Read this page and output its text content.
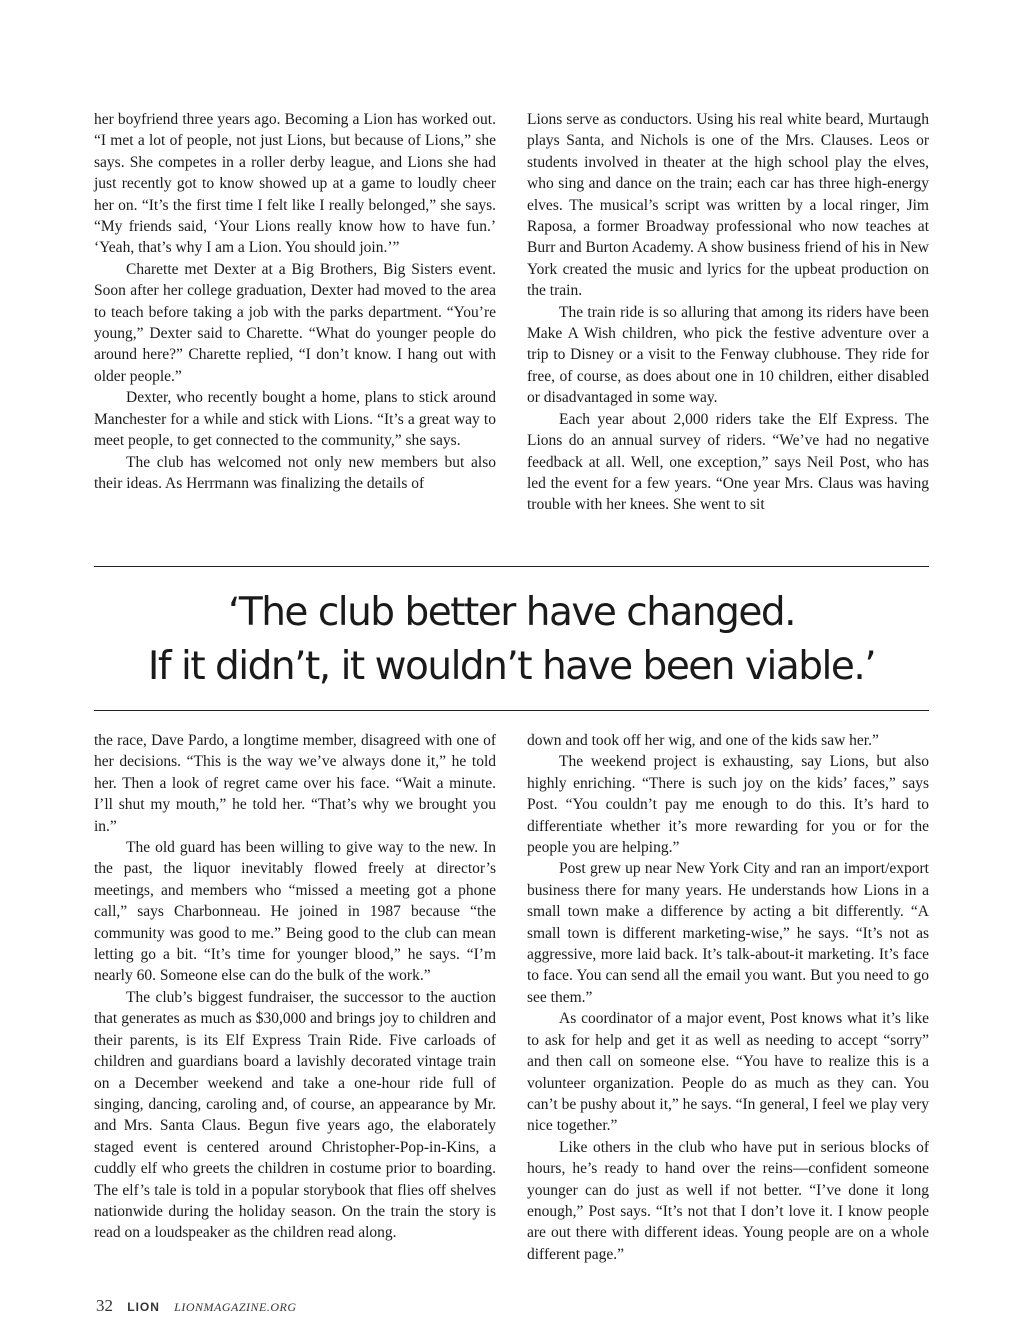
her boyfriend three years ago. Becoming a Lion has worked out. “I met a lot of people, not just Lions, but because of Lions,” she says. She competes in a roller derby league, and Lions she had just recently got to know showed up at a game to loudly cheer her on. “It’s the first time I felt like I really belonged,” she says. “My friends said, ‘Your Lions really know how to have fun.’ ‘Yeah, that’s why I am a Lion. You should join.’”

Charette met Dexter at a Big Brothers, Big Sisters event. Soon after her college graduation, Dexter had moved to the area to teach before taking a job with the parks department. “You’re young,” Dexter said to Charette. “What do younger people do around here?” Charette replied, “I don’t know. I hang out with older people.”

Dexter, who recently bought a home, plans to stick around Manchester for a while and stick with Lions. “It’s a great way to meet people, to get connected to the community,” she says.

The club has welcomed not only new members but also their ideas. As Herrmann was finalizing the details of

Lions serve as conductors. Using his real white beard, Murtaugh plays Santa, and Nichols is one of the Mrs. Clauses. Leos or students involved in theater at the high school play the elves, who sing and dance on the train; each car has three high-energy elves. The musical’s script was written by a local ringer, Jim Raposa, a former Broadway professional who now teaches at Burr and Burton Academy. A show business friend of his in New York created the music and lyrics for the upbeat production on the train.

The train ride is so alluring that among its riders have been Make A Wish children, who pick the festive adventure over a trip to Disney or a visit to the Fenway clubhouse. They ride for free, of course, as does about one in 10 children, either disabled or disadvantaged in some way.

Each year about 2,000 riders take the Elf Express. The Lions do an annual survey of riders. “We’ve had no negative feedback at all. Well, one exception,” says Neil Post, who has led the event for a few years. “One year Mrs. Claus was having trouble with her knees. She went to sit

‘The club better have changed.
If it didn’t, it wouldn’t have been viable.’

the race, Dave Pardo, a longtime member, disagreed with one of her decisions. “This is the way we’ve always done it,” he told her. Then a look of regret came over his face. “Wait a minute. I’ll shut my mouth,” he told her. “That’s why we brought you in.”

The old guard has been willing to give way to the new. In the past, the liquor inevitably flowed freely at director’s meetings, and members who “missed a meeting got a phone call,” says Charbonneau. He joined in 1987 because “the community was good to me.” Being good to the club can mean letting go a bit. “It’s time for younger blood,” he says. “I’m nearly 60. Someone else can do the bulk of the work.”

The club’s biggest fundraiser, the successor to the auction that generates as much as $30,000 and brings joy to children and their parents, is its Elf Express Train Ride. Five carloads of children and guardians board a lavishly decorated vintage train on a December weekend and take a one-hour ride full of singing, dancing, caroling and, of course, an appearance by Mr. and Mrs. Santa Claus. Begun five years ago, the elaborately staged event is centered around Christopher-Pop-in-Kins, a cuddly elf who greets the children in costume prior to boarding. The elf’s tale is told in a popular storybook that flies off shelves nationwide during the holiday season. On the train the story is read on a loudspeaker as the children read along.

down and took off her wig, and one of the kids saw her.”

The weekend project is exhausting, say Lions, but also highly enriching. “There is such joy on the kids’ faces,” says Post. “You couldn’t pay me enough to do this. It’s hard to differentiate whether it’s more rewarding for you or for the people you are helping.”

Post grew up near New York City and ran an import/export business there for many years. He understands how Lions in a small town make a difference by acting a bit differently. “A small town is different marketing-wise,” he says. “It’s not as aggressive, more laid back. It’s talk-about-it marketing. It’s face to face. You can send all the email you want. But you need to go see them.”

As coordinator of a major event, Post knows what it’s like to ask for help and get it as well as needing to accept “sorry” and then call on someone else. “You have to realize this is a volunteer organization. People do as much as they can. You can’t be pushy about it,” he says. “In general, I feel we play very nice together.”

Like others in the club who have put in serious blocks of hours, he’s ready to hand over the reins—confident someone younger can do just as well if not better. “I’ve done it long enough,” Post says. “It’s not that I don’t love it. I know people are out there with different ideas. Young people are on a whole different page.”

32 LION LIONMAGAZINE.ORG
